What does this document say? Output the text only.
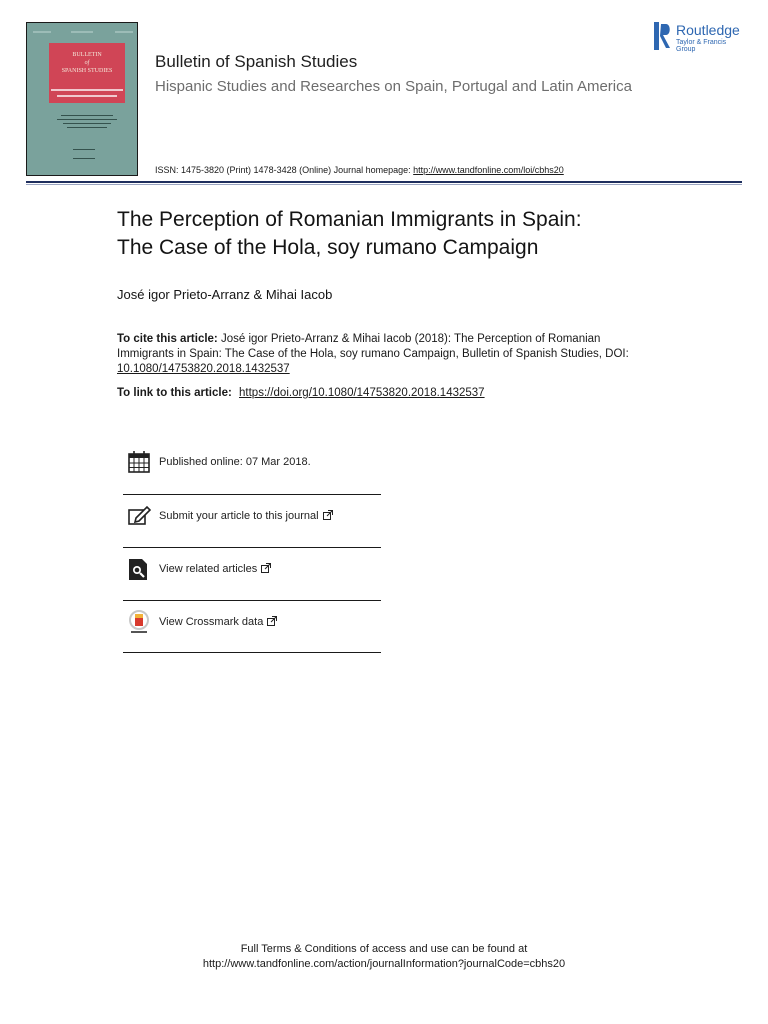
BULLETIN
of
SPANISH STUDIES	Bulletin of Spanish Studies
Hispanic Studies and Researches on Spain, Portugal and Latin America
ISSN: 1475-3820 (Print) 1478-3428 (Online) Journal homepage: http://www.tandfonline.com/loi/cbhs20
Routledge
Taylor & Francis Group
The Perception of Romanian Immigrants in Spain:
The Case of the Hola, soy rumano Campaign
José igor Prieto-Arranz & Mihai Iacob
To cite this article: José igor Prieto-Arranz & Mihai Iacob (2018): The Perception of Romanian Immigrants in Spain: The Case of the Hola, soy rumano Campaign, Bulletin of Spanish Studies, DOI: 10.1080/14753820.2018.1432537
To link to this article: https://doi.org/10.1080/14753820.2018.1432537
Published online: 07 Mar 2018.
Submit your article to this journal
View related articles
View Crossmark data
Full Terms & Conditions of access and use can be found at
http://www.tandfonline.com/action/journalInformation?journalCode=cbhs20
